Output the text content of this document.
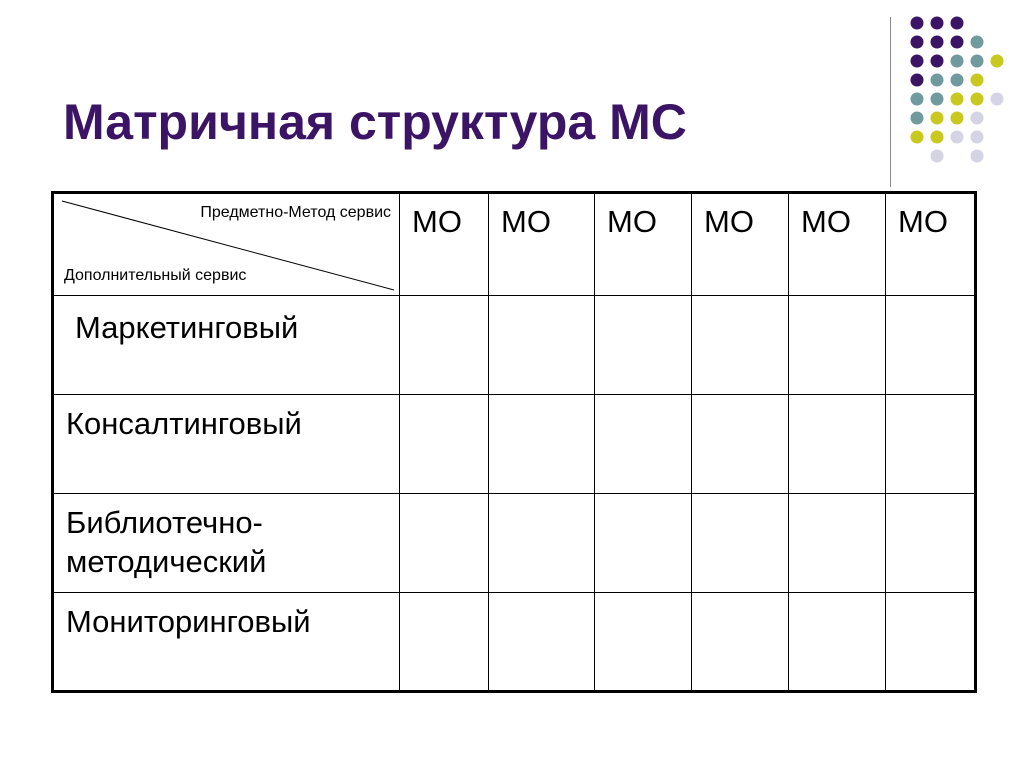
Матричная структура МС
Предметно-Метод сервис
Дополнительный сервис	МО	МО	МО	МО	МО	МО
Маркетинговый						
Консалтинговый						
Библиотечно-методический						
Мониторинговый						
